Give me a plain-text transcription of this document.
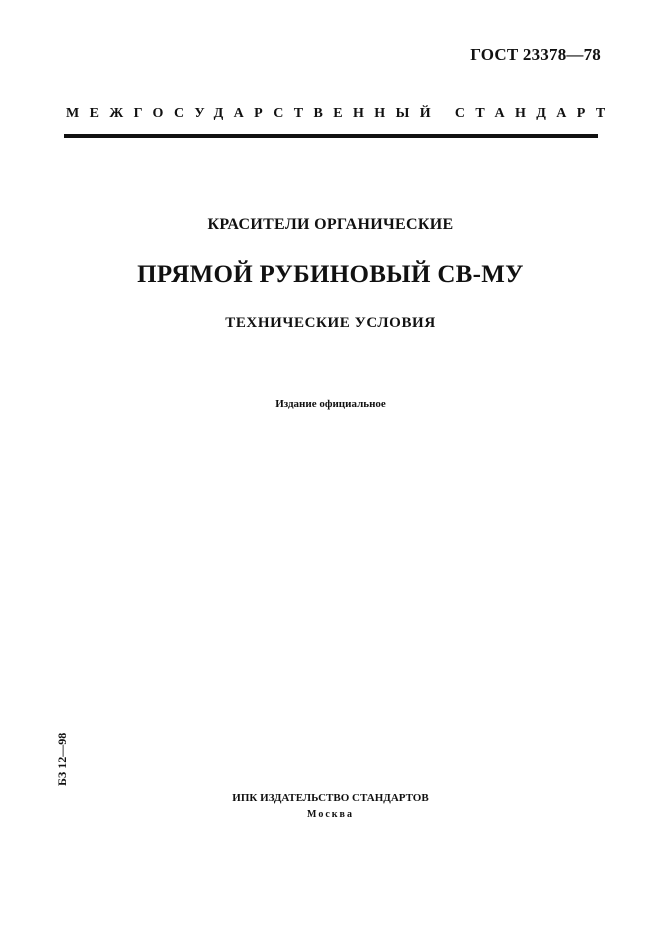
ГОСТ 23378—78
МЕЖГОСУДАРСТВЕННЫЙ СТАНДАРТ
КРАСИТЕЛИ ОРГАНИЧЕСКИЕ
ПРЯМОЙ РУБИНОВЫЙ СВ-МУ
ТЕХНИЧЕСКИЕ УСЛОВИЯ
Издание официальное
БЗ 12—98
ИПК ИЗДАТЕЛЬСТВО СТАНДАРТОВ
Москва
